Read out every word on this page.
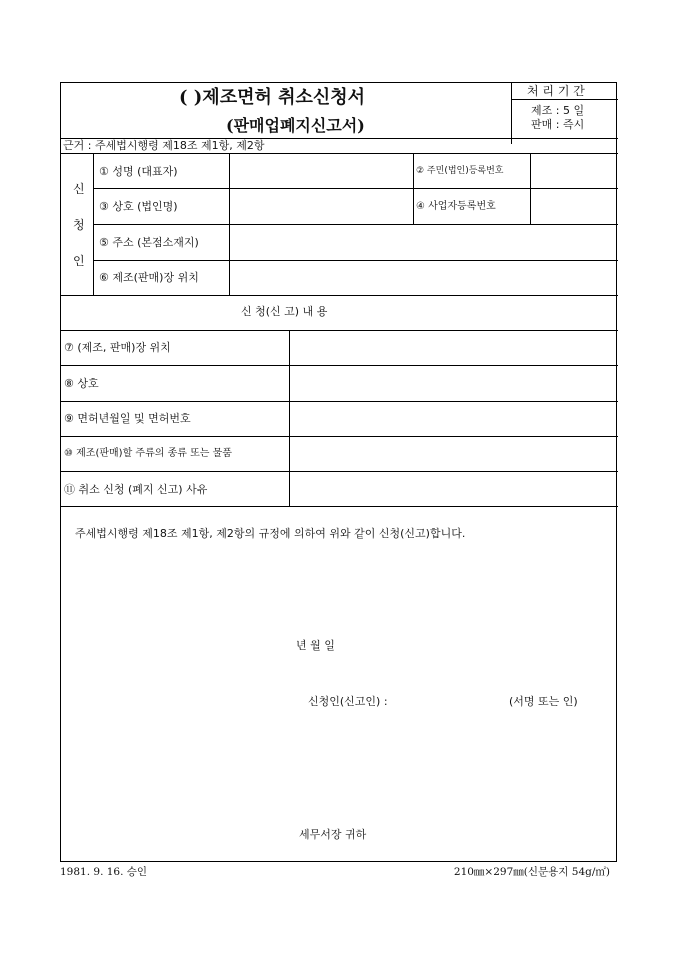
( )제조면허 취소신청서
(판매업폐지신고서)
처 리 기 간
제조 : 5 일
판매 : 즉시
근거 : 주세법시행령 제18조 제1항, 제2항
신
청
인
① 성명 (대표자)	② 주민(법인)등록번호
③ 상호 (법인명)	④ 사업자등록번호
⑤ 주소 (본점소재지)
⑥ 제조(판매)장 위치
신 청(신 고) 내 용
⑦ (제조, 판매)장 위치
⑧ 상호
⑨ 면허년월일 및 면허번호
⑩ 제조(판매)할 주류의 종류 또는 물품
⑪ 취소 신청 (폐지 신고) 사유
주세법시행령 제18조 제1항, 제2항의 규정에 의하여 위와 같이 신청(신고)합니다.
년 월 일
신청인(신고인) :	(서명 또는 인)
세무서장 귀하
1981. 9. 16. 승인	210㎜×297㎜(신문용지 54g/㎡)
